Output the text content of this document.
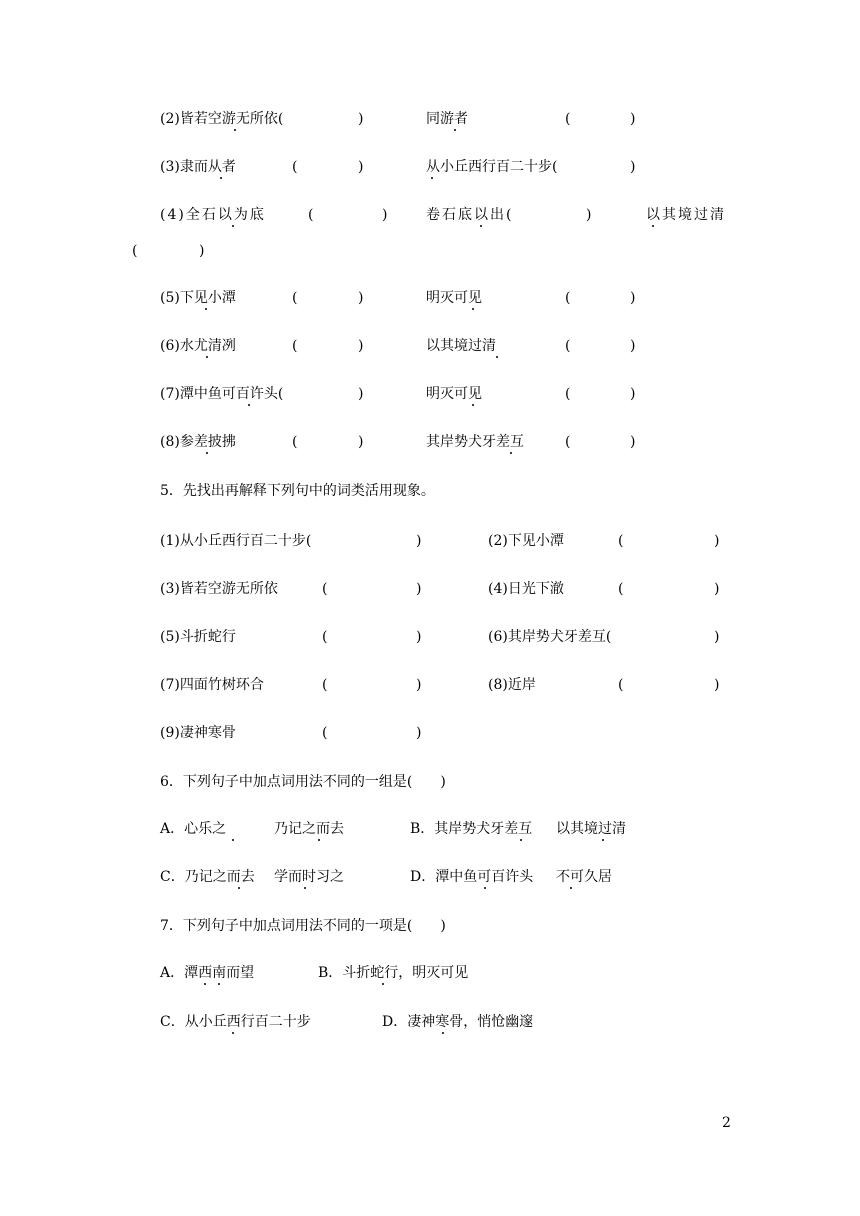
(2)皆若空游无所依(	)	同游者	(	)
(3)隶而从者	(	)	从小丘西行百二十步(	)
(4)全石以为底	(	)	卷石底以出(	)	以其境过清
(	)
(5)下见小潭	(	)	明灭可见	(	)
(6)水尤清冽	(	)	以其境过清	(	)
(7)潭中鱼可百许头(	)	明灭可见	(	)
(8)参差披拂	(	)	其岸势犬牙差互	(	)
5．先找出再解释下列句中的词类活用现象。
(1)从小丘西行百二十步(	)	(2)下见小潭	(	)
(3)皆若空游无所依	(	)	(4)日光下澈	(	)
(5)斗折蛇行	(	)	(6)其岸势犬牙差互(	)
(7)四面竹树环合	(	)	(8)近岸	(	)
(9)凄神寒骨	(	)
6．下列句子中加点词用法不同的一组是(　　)
A．心乐之	乃记之而去	B．其岸势犬牙差互 以其境过清
C．乃记之而去 学而时习之	D．潭中鱼可百许头 不可久居
7．下列句子中加点词用法不同的一项是(　　)
A．潭西南而望	B．斗折蛇行，明灭可见
C．从小丘西行百二十步	D．凄神寒骨，悄怆幽邃
2
